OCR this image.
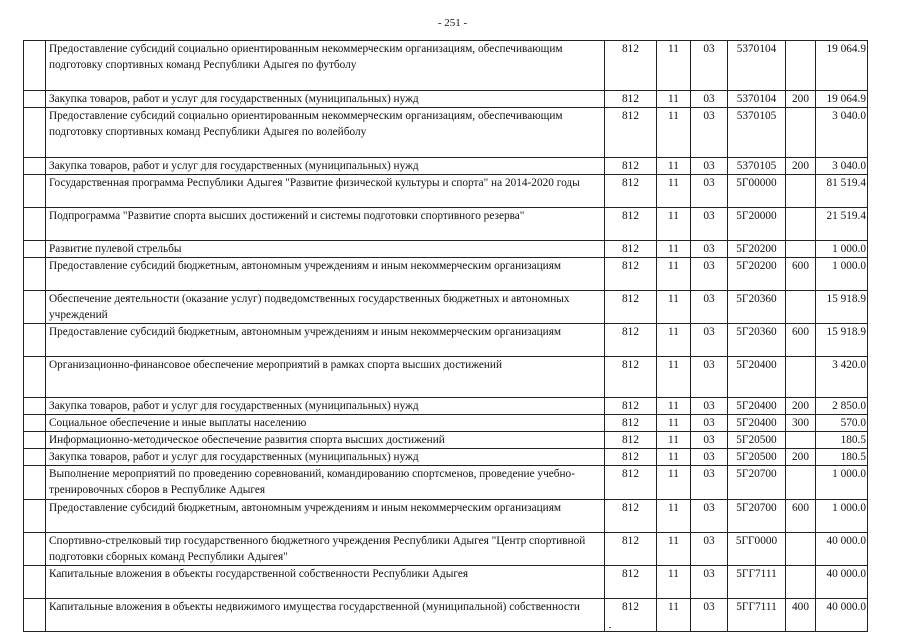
- 251 -
	Предоставление субсидий социально ориентированным некоммерческим организациям, обеспечивающим подготовку спортивных команд Республики Адыгея по футболу	812	11	03	5370104		19 064.9
	Закупка товаров, работ и услуг для государственных (муниципальных) нужд	812	11	03	5370104	200	19 064.9
	Предоставление субсидий социально ориентированным некоммерческим организациям, обеспечивающим подготовку спортивных команд Республики Адыгея по волейболу	812	11	03	5370105		3 040.0
	Закупка товаров, работ и услуг для государственных (муниципальных) нужд	812	11	03	5370105	200	3 040.0
	Государственная программа Республики Адыгея "Развитие физической культуры и спорта" на 2014-2020 годы	812	11	03	5Г00000		81 519.4
	Подпрограмма "Развитие спорта высших достижений и системы подготовки спортивного резерва"	812	11	03	5Г20000		21 519.4
	Развитие пулевой стрельбы	812	11	03	5Г20200		1 000.0
	Предоставление субсидий бюджетным, автономным учреждениям и иным некоммерческим организациям	812	11	03	5Г20200	600	1 000.0
	Обеспечение деятельности (оказание услуг) подведомственных государственных бюджетных и автономных учреждений	812	11	03	5Г20360		15 918.9
	Предоставление субсидий бюджетным, автономным учреждениям и иным некоммерческим организациям	812	11	03	5Г20360	600	15 918.9
	Организационно-финансовое обеспечение мероприятий в рамках спорта высших достижений	812	11	03	5Г20400		3 420.0
	Закупка товаров, работ и услуг для государственных (муниципальных) нужд	812	11	03	5Г20400	200	2 850.0
	Социальное обеспечение и иные выплаты населению	812	11	03	5Г20400	300	570.0
	Информационно-методическое обеспечение развития спорта высших достижений	812	11	03	5Г20500		180.5
	Закупка товаров, работ и услуг для государственных (муниципальных) нужд	812	11	03	5Г20500	200	180.5
	Выполнение мероприятий по проведению соревнований, командированию спортсменов, проведение учебно-тренировочных сборов в Республике Адыгея	812	11	03	5Г20700		1 000.0
	Предоставление субсидий бюджетным, автономным учреждениям и иным некоммерческим организациям	812	11	03	5Г20700	600	1 000.0
	Спортивно-стрелковый тир государственного бюджетного учреждения Республики Адыгея "Центр спортивной подготовки сборных команд Республики Адыгея"	812	11	03	5ГГ0000		40 000.0
	Капитальные вложения в объекты государственной собственности Республики Адыгея	812	11	03	5ГГ7111		40 000.0
	Капитальные вложения в объекты недвижимого имущества государственной (муниципальной) собственности	812	11	03	5ГГ7111	400	40 000.0
